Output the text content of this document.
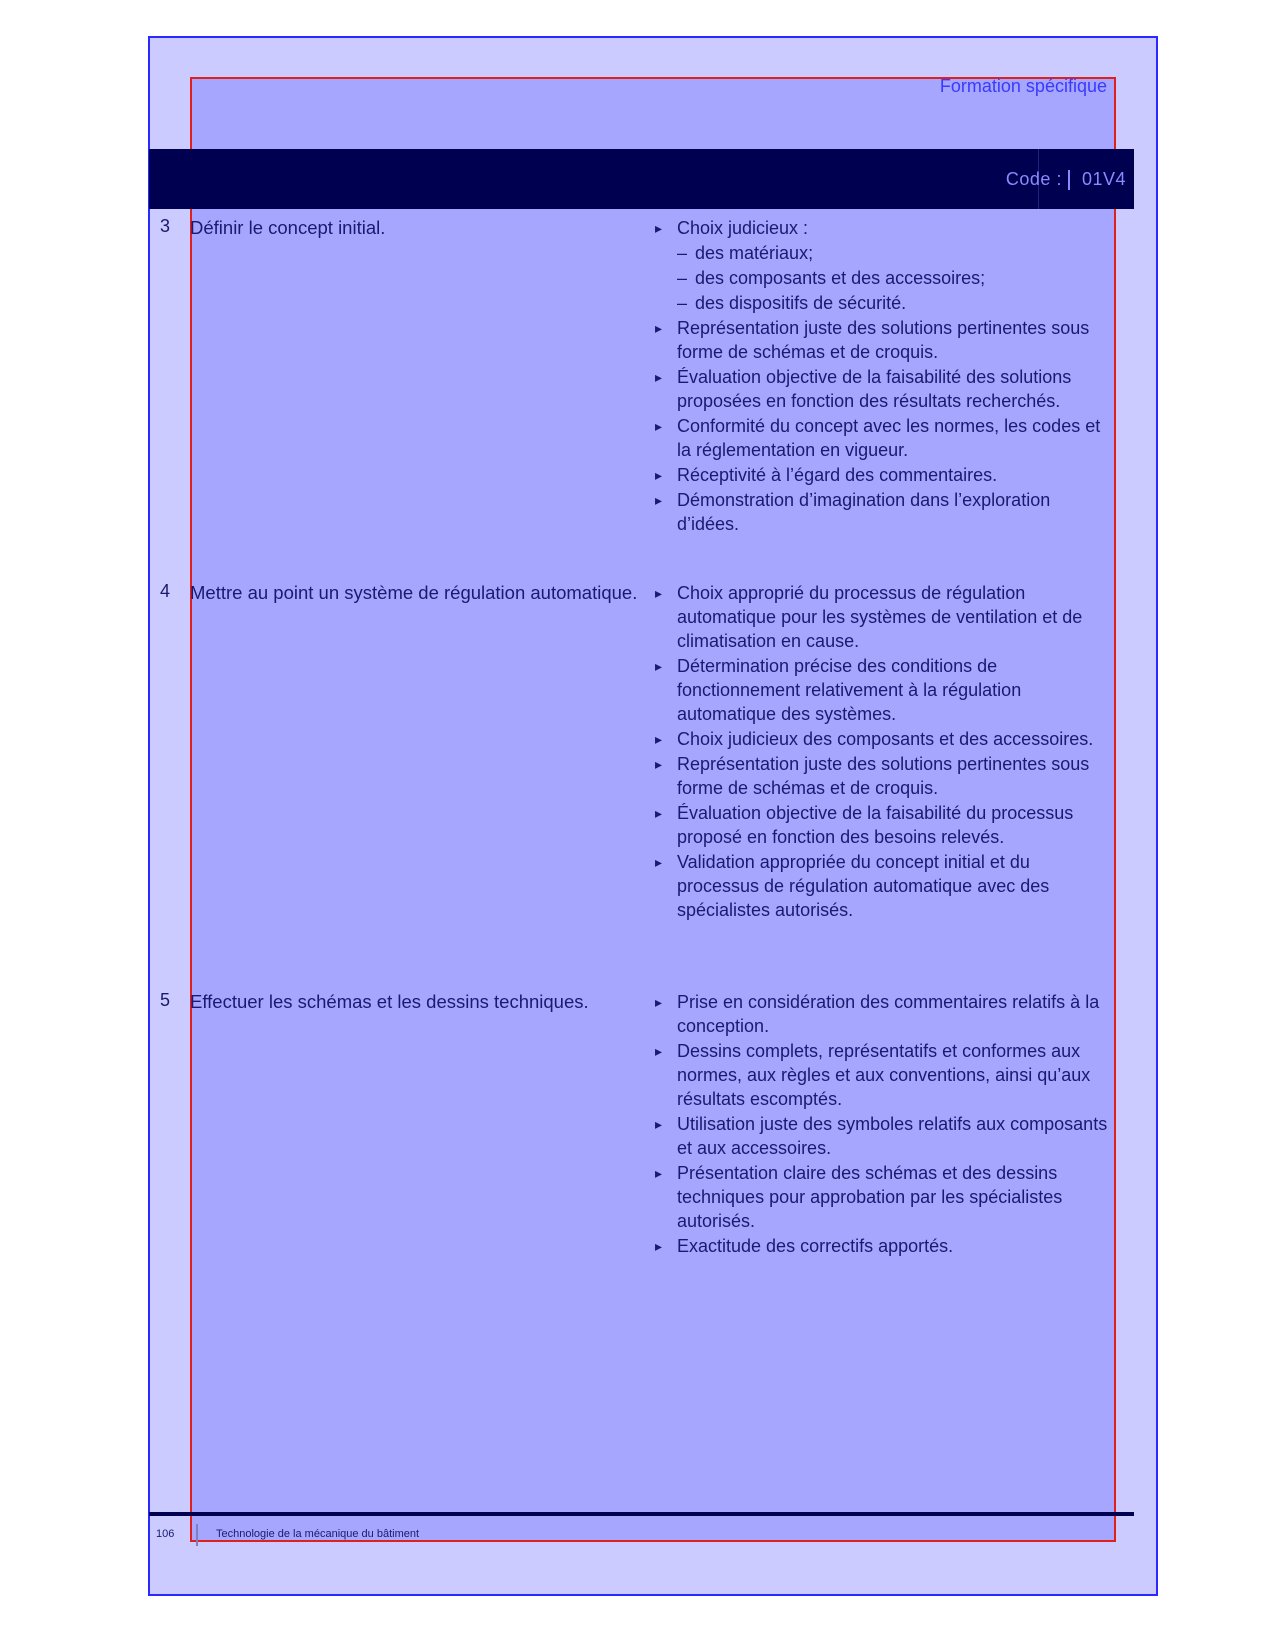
Formation spécifique
Code : 01V4
3 Définir le concept initial.	▸ Choix judicieux :
– des matériaux;
– des composants et des accessoires;
– des dispositifs de sécurité.
▸ Représentation juste des solutions pertinentes sous forme de schémas et de croquis.
▸ Évaluation objective de la faisabilité des solutions proposées en fonction des résultats recherchés.
▸ Conformité du concept avec les normes, les codes et la réglementation en vigueur.
▸ Réceptivité à l’égard des commentaires.
▸ Démonstration d’imagination dans l’exploration d’idées.
4 Mettre au point un système de régulation automatique.	▸ Choix approprié du processus de régulation automatique pour les systèmes de ventilation et de climatisation en cause.
▸ Détermination précise des conditions de fonctionnement relativement à la régulation automatique des systèmes.
▸ Choix judicieux des composants et des accessoires.
▸ Représentation juste des solutions pertinentes sous forme de schémas et de croquis.
▸ Évaluation objective de la faisabilité du processus proposé en fonction des besoins relevés.
▸ Validation appropriée du concept initial et du processus de régulation automatique avec des spécialistes autorisés.
5 Effectuer les schémas et les dessins techniques.	▸ Prise en considération des commentaires relatifs à la conception.
▸ Dessins complets, représentatifs et conformes aux normes, aux règles et aux conventions, ainsi qu’aux résultats escomptés.
▸ Utilisation juste des symboles relatifs aux composants et aux accessoires.
▸ Présentation claire des schémas et des dessins techniques pour approbation par les spécialistes autorisés.
▸ Exactitude des correctifs apportés.
106	Technologie de la mécanique du bâtiment
